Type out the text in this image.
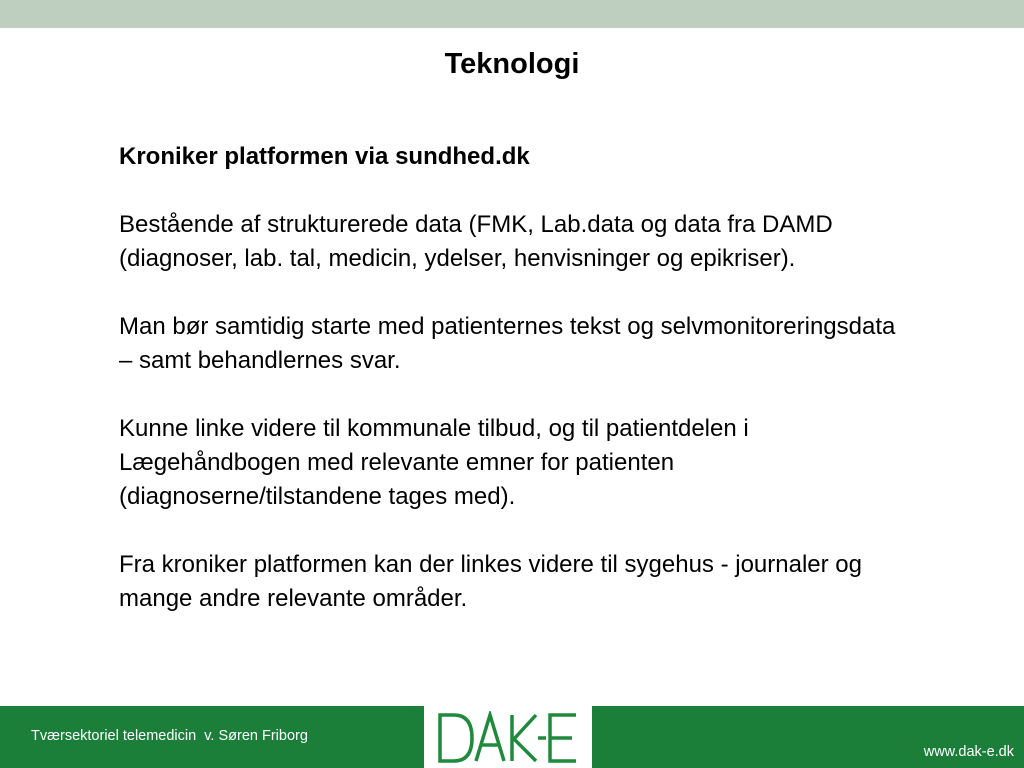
Teknologi
Kroniker platformen via sundhed.dk

Bestående af strukturerede data (FMK, Lab.data og data fra DAMD (diagnoser, lab. tal, medicin, ydelser, henvisninger og epikriser).

Man bør samtidig starte med patienternes tekst og selvmonitoreringsdata – samt behandlernes svar.

Kunne linke videre til kommunale tilbud, og til patientdelen i Lægehåndbogen med relevante emner for patienten (diagnoserne/tilstandene tages med).

Fra kroniker platformen kan der linkes videre til sygehus - journaler og mange andre relevante områder.

Tværsektoriel telemedicin  v. Søren Friborg
www.dak-e.dk
